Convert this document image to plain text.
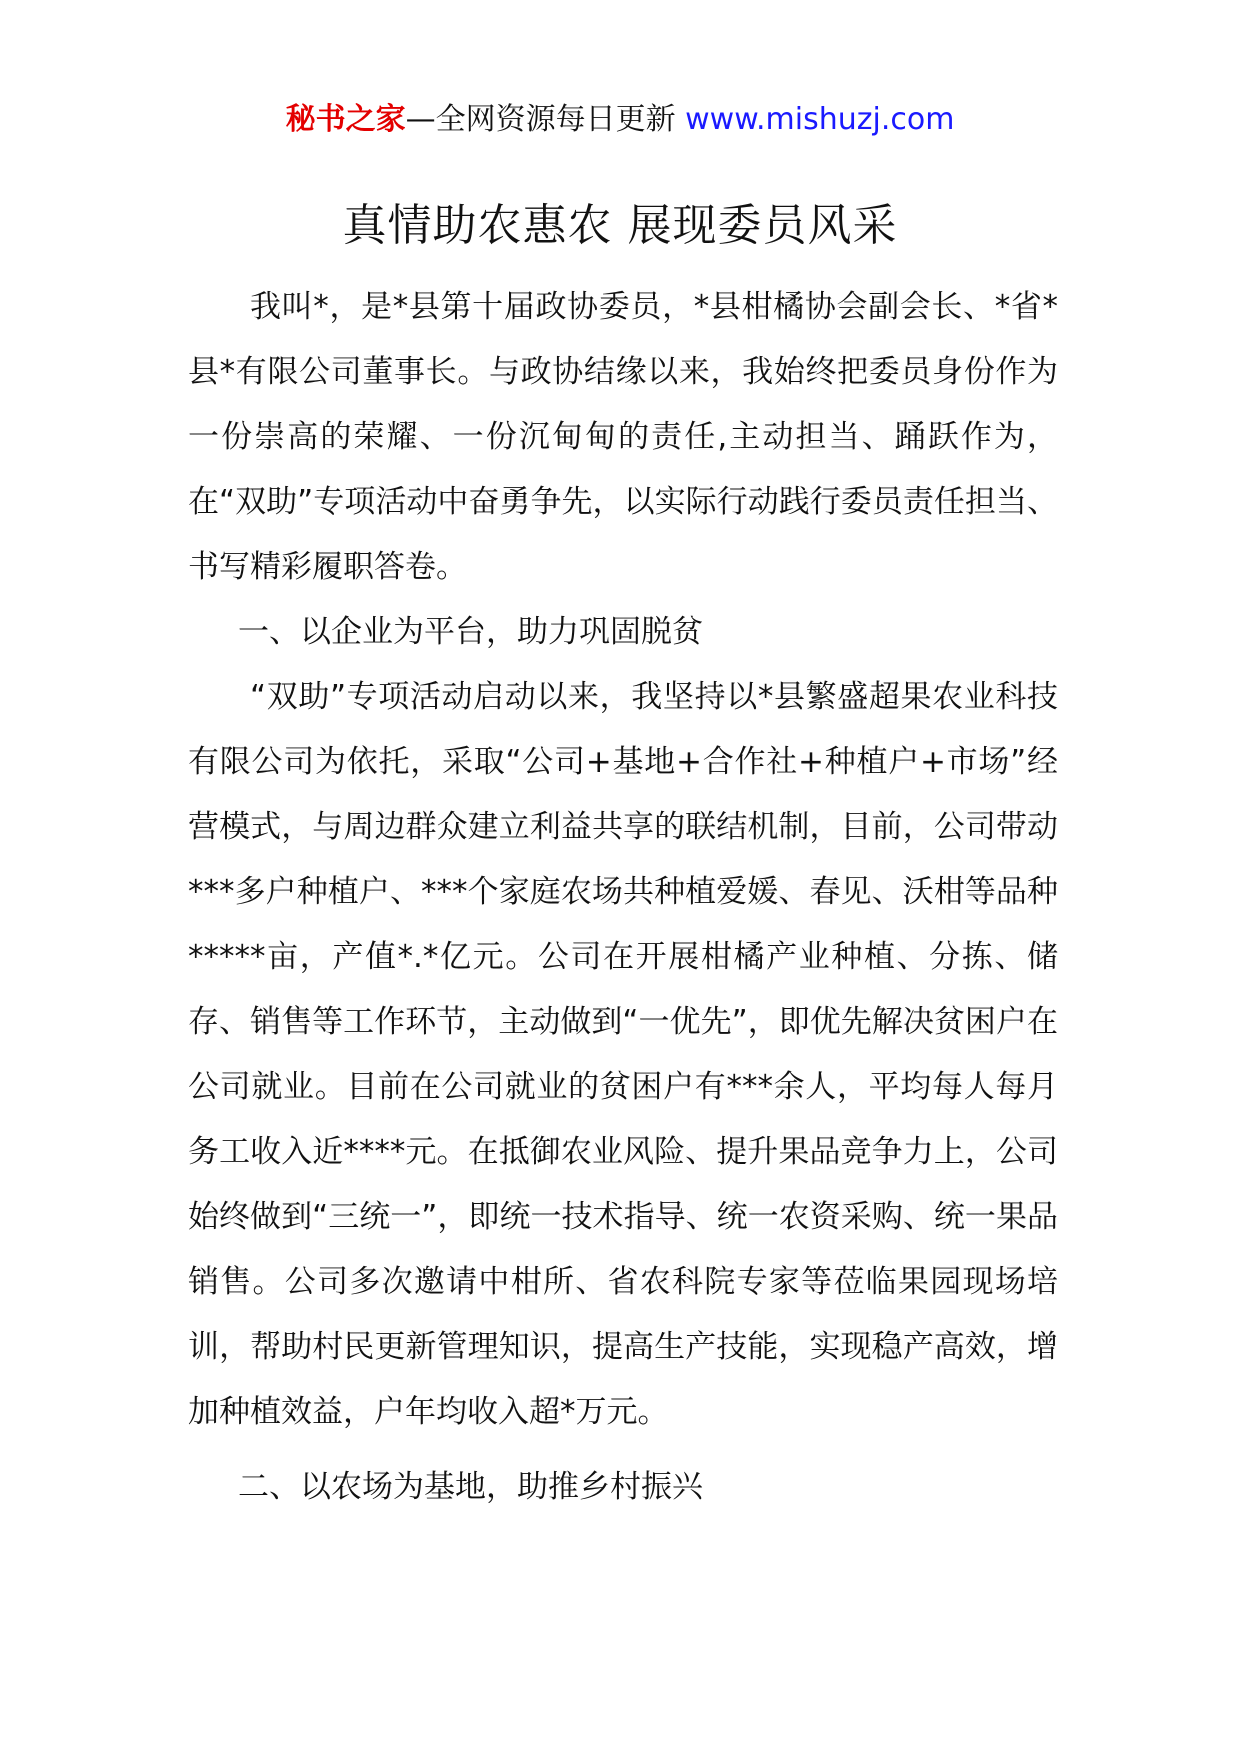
秘书之家—全网资源每日更新 www.mishuzj.com
真情助农惠农 展现委员风采

我叫*，是*县第十届政协委员，*县柑橘协会副会长、*省*县*有限公司董事长。与政协结缘以来，我始终把委员身份作为一份崇高的荣耀、一份沉甸甸的责任,主动担当、踊跃作为，在“双助”专项活动中奋勇争先，以实际行动践行委员责任担当、书写精彩履职答卷。

一、以企业为平台，助力巩固脱贫

“双助”专项活动启动以来，我坚持以*县繁盛超果农业科技有限公司为依托，采取“公司+基地+合作社+种植户+市场”经营模式，与周边群众建立利益共享的联结机制，目前，公司带动***多户种植户、***个家庭农场共种植爱媛、春见、沃柑等品种*****亩，产值*.*亿元。公司在开展柑橘产业种植、分拣、储存、销售等工作环节，主动做到“一优先”，即优先解决贫困户在公司就业。目前在公司就业的贫困户有***余人，平均每人每月务工收入近****元。在抵御农业风险、提升果品竞争力上，公司始终做到“三统一”，即统一技术指导、统一农资采购、统一果品销售。公司多次邀请中柑所、省农科院专家等莅临果园现场培训，帮助村民更新管理知识，提高生产技能，实现稳产高效，增加种植效益，户年均收入超*万元。

二、以农场为基地，助推乡村振兴
